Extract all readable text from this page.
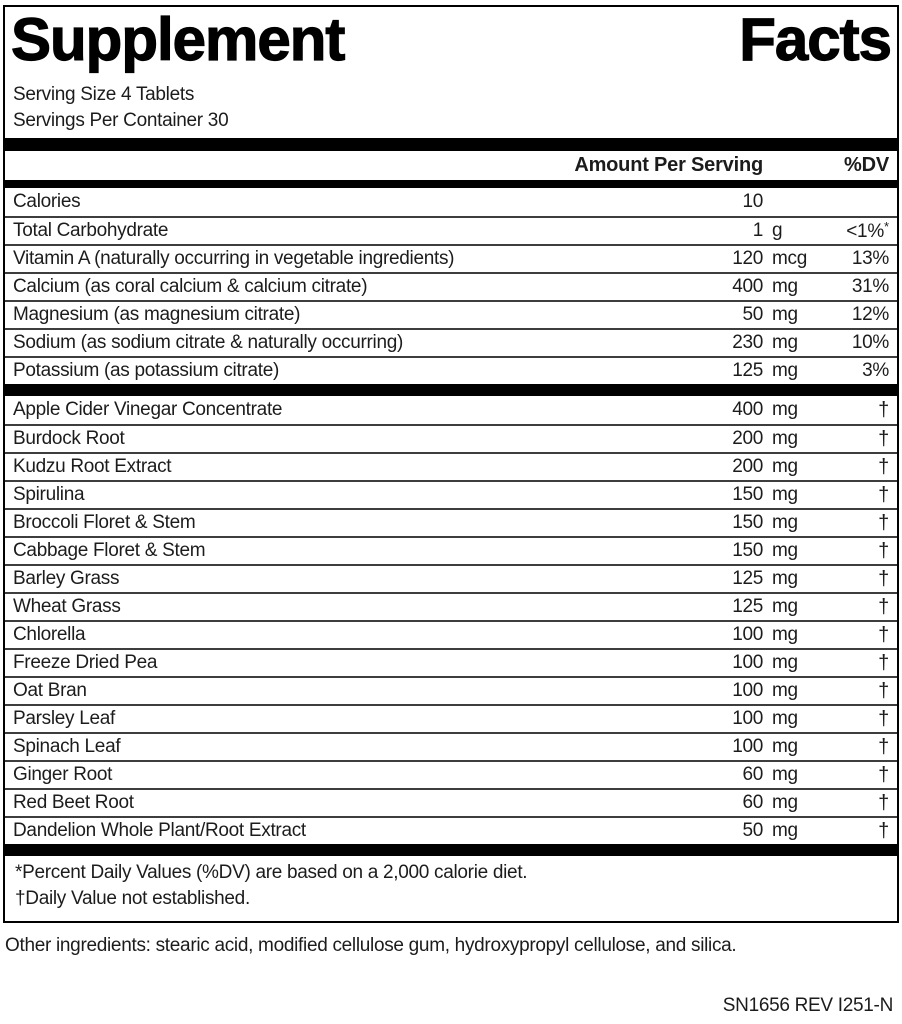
Supplement	Facts
Serving Size 4 Tablets
Servings Per Container 30
Amount Per Serving	%DV
Calories	10
Total Carbohydrate	1 g	<1%*
Vitamin A (naturally occurring in vegetable ingredients)	120 mcg	13%
Calcium (as coral calcium & calcium citrate)	400 mg	31%
Magnesium (as magnesium citrate)	50 mg	12%
Sodium (as sodium citrate & naturally occurring)	230 mg	10%
Potassium (as potassium citrate)	125 mg	3%
Apple Cider Vinegar Concentrate	400 mg	†
Burdock Root	200 mg	†
Kudzu Root Extract	200 mg	†
Spirulina	150 mg	†
Broccoli Floret & Stem	150 mg	†
Cabbage Floret & Stem	150 mg	†
Barley Grass	125 mg	†
Wheat Grass	125 mg	†
Chlorella	100 mg	†
Freeze Dried Pea	100 mg	†
Oat Bran	100 mg	†
Parsley Leaf	100 mg	†
Spinach Leaf	100 mg	†
Ginger Root	60 mg	†
Red Beet Root	60 mg	†
Dandelion Whole Plant/Root Extract	50 mg	†
*Percent Daily Values (%DV) are based on a 2,000 calorie diet.
†Daily Value not established.
Other ingredients: stearic acid, modified cellulose gum, hydroxypropyl cellulose, and silica.
SN1656 REV I251-N
